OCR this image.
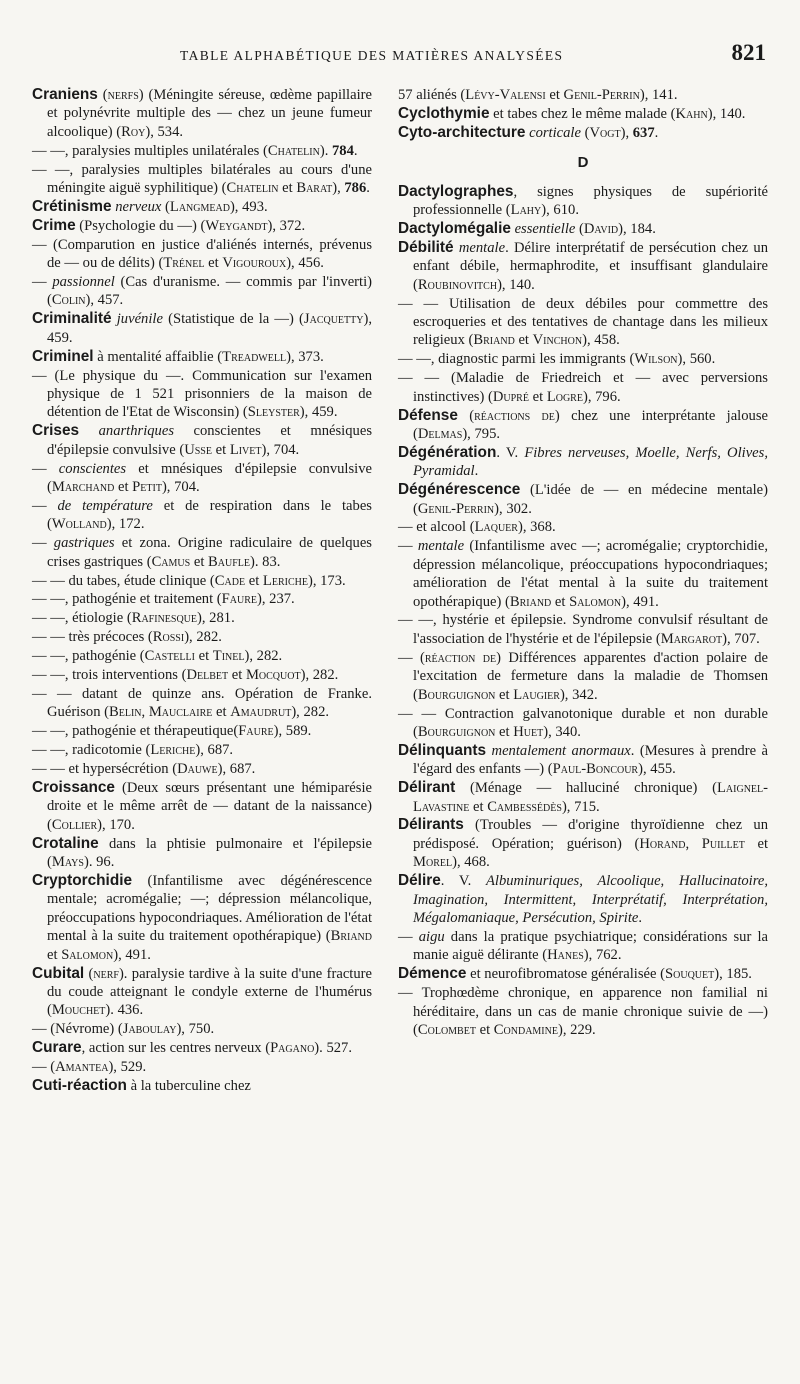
TABLE ALPHABÉTIQUE DES MATIÈRES ANALYSÉES	821
Craniens (nerfs) (Méningite séreuse, œdème papillaire et polynévrite multiple des — chez un jeune fumeur alcoolique) (Roy), 534.
— —, paralysies multiples unilatérales (Chatelin). 784.
— —, paralysies multiples bilatérales au cours d'une méningite aiguë syphilitique) (Chatelin et Barat), 786.
Crétinisme nerveux (Langmead), 493.
Crime (Psychologie du —) (Weygandt), 372.
— (Comparution en justice d'aliénés internés, prévenus de — ou de délits) (Trénel et Vigouroux), 456.
— passionnel (Cas d'uranisme. — commis par l'inverti) (Colin), 457.
Criminalité juvénile (Statistique de la —) (Jacquetty), 459.
Criminel à mentalité affaiblie (Treadwell), 373.
— (Le physique du —. Communication sur l'examen physique de 1 521 prisonniers de la maison de détention de l'Etat de Wisconsin) (Sleyster), 459.
Crises anarthriques conscientes et mnésiques d'épilepsie convulsive (Usse et Livet), 704.
— conscientes et mnésiques d'épilepsie convulsive (Marchand et Petit), 704.
— de température et de respiration dans le tabes (Wolland), 172.
— gastriques et zona. Origine radiculaire de quelques crises gastriques (Camus et Baufle). 83.
— — du tabes, étude clinique (Cade et Leriche), 173.
— —, pathogénie et traitement (Faure), 237.
— —, étiologie (Rafinesque), 281.
— — très précoces (Rossi), 282.
— —, pathogénie (Castelli et Tinel), 282.
— —, trois interventions (Delbet et Mocquot), 282.
— — datant de quinze ans. Opération de Franke. Guérison (Belin, Mauclaire et Amaudrut), 282.
— —, pathogénie et thérapeutique(Faure), 589.
— —, radicotomie (Leriche), 687.
— — et hypersécrétion (Dauwe), 687.
Croissance (Deux sœurs présentant une hémiparésie droite et le même arrêt de — datant de la naissance) (Collier), 170.
Crotaline dans la phtisie pulmonaire et l'épilepsie (Mays). 96.
Cryptorchidie (Infantilisme avec dégénérescence mentale; acromégalie; —; dépression mélancolique, préoccupations hypocondriaques. Amélioration de l'état mental à la suite du traitement opothérapique) (Briand et Salomon), 491.
Cubital (nerf). paralysie tardive à la suite d'une fracture du coude atteignant le condyle externe de l'humérus (Mouchet). 436.
— (Névrome) (Jaboulay), 750.
Curare, action sur les centres nerveux (Pagano). 527.
— (Amantea), 529.
Cuti-réaction à la tuberculine chez
57 aliénés (Lévy-Valensi et Genil-Perrin), 141.
Cyclothymie et tabes chez le même malade (Kahn), 140.
Cyto-architecture corticale (Vogt), 637.
D
Dactylographes, signes physiques de supériorité professionnelle (Lahy), 610.
Dactylomégalie essentielle (David), 184.
Débilité mentale. Délire interprétatif de persécution chez un enfant débile, hermaphrodite, et insuffisant glandulaire (Roubinovitch), 140.
— — Utilisation de deux débiles pour commettre des escroqueries et des tentatives de chantage dans les milieux religieux (Briand et Vinchon), 458.
— —, diagnostic parmi les immigrants (Wilson), 560.
— — (Maladie de Friedreich et — avec perversions instinctives) (Dupré et Logre), 796.
Défense (réactions de) chez une interprétante jalouse (Delmas), 795.
Dégénération. V. Fibres nerveuses, Moelle, Nerfs, Olives, Pyramidal.
Dégénérescence (L'idée de — en médecine mentale) (Genil-Perrin), 302.
— et alcool (Laquer), 368.
— mentale (Infantilisme avec —; acromégalie; cryptorchidie, dépression mélancolique, préoccupations hypocondriaques; amélioration de l'état mental à la suite du traitement opothérapique) (Briand et Salomon), 491.
— —, hystérie et épilepsie. Syndrome convulsif résultant de l'association de l'hystérie et de l'épilepsie (Margarot), 707.
— (réaction de) Différences apparentes d'action polaire de l'excitation de fermeture dans la maladie de Thomsen (Bourguignon et Laugier), 342.
— — Contraction galvanotonique durable et non durable (Bourguignon et Huet), 340.
Délinquants mentalement anormaux. (Mesures à prendre à l'égard des enfants —) (Paul-Boncour), 455.
Délirant (Ménage — halluciné chronique) (Laignel-Lavastine et Cambessédès), 715.
Délirants (Troubles — d'origine thyroïdienne chez un prédisposé. Opération; guérison) (Horand, Puillet et Morel), 468.
Délire. V. Albuminuriques, Alcoolique, Hallucinatoire, Imagination, Intermittent, Interprétatif, Interprétation, Mégalomaniaque, Persécution, Spirite.
— aigu dans la pratique psychiatrique; considérations sur la manie aiguë délirante (Hanes), 762.
Démence et neurofibromatose généralisée (Souquet), 185.
— Trophœdème chronique, en apparence non familial ni héréditaire, dans un cas de manie chronique suivie de —) (Colombet et Condamine), 229.
